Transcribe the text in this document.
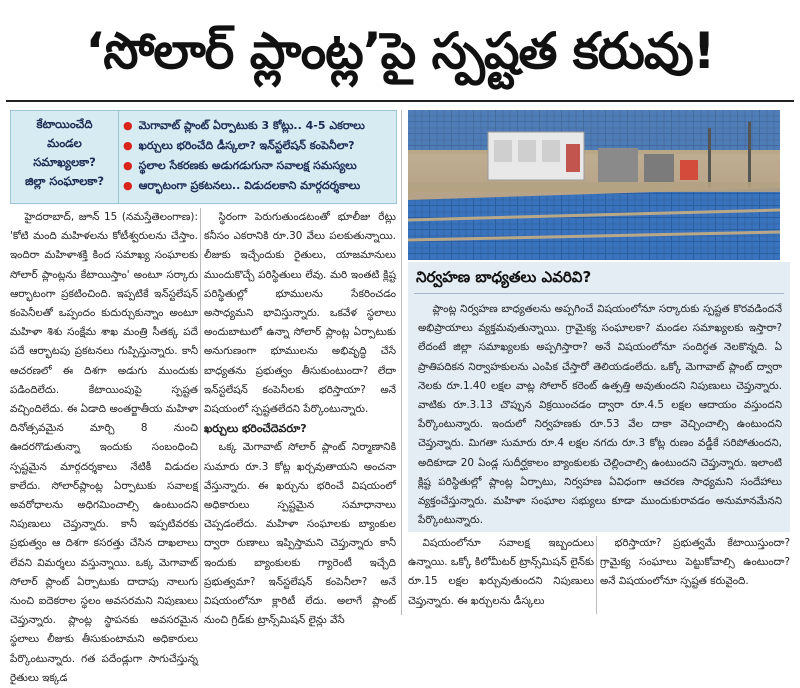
‘సోలార్ ప్లాంట్ల’పై స్పష్టత కరువు!
కేటాయించేది
మండల
సమాఖ్యలకా?
జిల్లా సంఘాలకా?
● మెగావాట్ ప్లాంట్ ఏర్పాటుకు 3 కోట్లు.. 4-5 ఎకరాలు
● ఖర్చులు భరించేది డీస్కలా? ఇన్‌స్టలేషన్ కంపెనీలా?
● స్థలాల సేకరణకు అడుగడుగునా సవాలక్ష సమస్యలు
● ఆర్భాటంగా ప్రకటనలు.. విడుదలకాని మార్గదర్శకాలు

హైదరాబాద్‌, జూన్‌ 15 (నమస్తేతెలంగాణ): 'కోటి మంది మహిళలను కోటీశ్వరులను చేస్తాం. ఇందిరా మహిళాశక్తి కింద సమాఖ్య సంఘాలకు సోలార్ ప్లాంట్లను కేటాయిస్తాం' అంటూ సర్కారు ఆర్భాటంగా ప్రకటించింది. ఇప్పటికే ఇన్‌స్టలేషన్ కంపెనీలతో ఒప్పందం కుదుర్చుకున్నాం అంటూ మహిళా శిశు సంక్షేమ శాఖ మంత్రి సీతక్క పదే పదే ఆర్భాటపు ప్రకటనలు గుప్పిస్తున్నారు. కానీ ఆచరణలో ఈ దిశగా అడుగు ముందుకు పడిందిలేదు. కేటాయింపుపై స్పష్టత వచ్చిందిలేదు. ఈ ఏడాది అంతర్జాతీయ మహిళా దినోత్సవమైన మార్చి 8 నుంచి ఊదరగొడుతున్నా ఇందుకు సంబంధించి స్పష్టమైన మార్గదర్శకాలు నేటికీ విడుదల కాలేదు. సోలార్‌ప్లాంట్ల ఏర్పాటుకు సవాలక్ష అవరోధాలను అధిగమించాల్సి ఉంటుందని నిపుణులు చెప్తున్నారు. కానీ ఇప్పటివరకు ప్రభుత్వం ఆ దిశగా కసరత్తు చేసిన దాఖలాలు లేవని విమర్శలు వస్తున్నాయి. ఒక్క మెగావాట్ సోలార్ ప్లాంట్ ఏర్పాటుకు దాదాపు నాలుగు నుంచి ఐదెకరాల స్థలం అవసరమని నిపుణులు చెప్తున్నారు. ప్లాంట్ల స్థాపనకు అవసరమైన స్థలాలు లీజుకు తీసుకుంటామని అధికారులు పేర్కొంటున్నారు. గత పదేండ్లుగా సాగుచేస్తున్న రైతులు ఇక్కడ

స్థిరంగా పెరుగుతుండటంతో భూలీజు రేట్లు కనీసం ఎకరానికి రూ.30 వేలు పలకుతున్నాయి. లీజుకు ఇచ్చేందుకు రైతులు, యాజమానులు ముందుకొచ్చే పరిస్థితులు లేవు. మరి ఇంతటి క్లిష్ట పరిస్థితుల్లో భూములను సేకరించడం అసాధ్యమని భావిస్తున్నారు. ఒకవేళ స్థలాలు అందుబాటులో ఉన్నా సోలార్ ప్లాంట్ల ఏర్పాటుకు అనుగుణంగా భూములను అభివృద్ధి చేసే బాధ్యతను ప్రభుత్వం తీసుకుంటుందా? లేదా ఇన్‌స్టలేషన్ కంపెనీలకు భరిస్తాయా? అనే విషయంలో స్పష్టతలేదని పేర్కొంటున్నారు.

ఖర్చులు భరించేదెవరూ?

ఒక్క మెగావాట్ సోలార్ ప్లాంట్ నిర్మాణానికి సుమారు రూ.3 కోట్ల ఖర్చవుతాయని అంచనా వేస్తున్నారు. ఈ ఖర్చును భరించే విషయంలో అధికారులు స్పష్టమైన సమాధానాలు చెప్పడంలేదు. మహిళా సంఘాలకు బ్యాంకుల ద్వారా రుణాలు ఇప్పిస్తామని చెప్తున్నారు కానీ ఇందుకు బ్యాంకులకు గ్యారెంటీ ఇచ్చేది ప్రభుత్వమా? ఇన్‌స్టలేషన్ కంపెనీలా? అనే విషయంలోనూ క్లారిటీ లేదు. అలాగే ప్లాంట్ నుంచి గ్రిడ్‌కు ట్రాన్స్‌మిషన్ లైన్లు వేసే

నిర్వహణ బాధ్యతలు ఎవరివి?

ప్లాంట్ల నిర్వహణ బాధ్యతలను అప్పగించే విషయంలోనూ సర్కారుకు స్పష్టత కొరవడిందనే అభిప్రాయాలు వ్యక్తమవుతున్నాయి. గ్రామైక్య సంఘాలకా? మండల సమాఖ్యలకు ఇస్తారా? లేదంటే జిల్లా సమాఖ్యలకు అప్పగిస్తారా? అనే విషయంలోనూ సందిగ్ధత నెలకొన్నది. ఏ ప్రాతిపదికన నిర్వాహకులను ఎంపిక చేస్తారో తెలియడంలేదు. ఒక్కో మెగావాట్ ప్లాంట్ ద్వారా నెలకు రూ.1.40 లక్షల వాట్ల సోలార్ కరెంట్ ఉత్పత్తి అవుతుందని నిపుణులు చెప్తున్నారు. వాటికు రూ.3.13 చొప్పున విక్రయించడం ద్వారా రూ.4.5 లక్షల ఆదాయం వస్తుందని పేర్కొంటున్నారు. ఇందులో నిర్వహణకు రూ.53 వేల దాకా వెచ్చించాల్సి ఉంటుందని చెప్తున్నారు. మిగతా సుమారు రూ.4 లక్షల నగదు రూ.3 కోట్ల రుణం వడ్డీకే సరిపోతుందని, అదికూడా 20 ఏండ్ల సుదీర్ఘకాలం బ్యాంకులకు చెల్లించాల్సి ఉంటుందని చెప్తున్నారు. ఇలాంటి క్లిష్ట పరిస్థితుల్లో ప్లాంట్ల ఏర్పాటు, నిర్వహణ ఏవిధంగా ఆచరణ సాధ్యమని సందేహాలు వ్యక్తంచేస్తున్నారు. మహిళా సంఘాల సభ్యులు కూడా ముందుకురావడం అనుమానమేనని పేర్కొంటున్నారు.

విషయంలోనూ సవాలక్ష ఇబ్బందులు ఉన్నాయి. ఒక్కో కిలోమీటర్ ట్రాన్స్‌మిషన్ లైన్‌కు రూ.15 లక్షల ఖర్చువుతుందని నిపుణులు చెప్తున్నారు. ఈ ఖర్చులను డీస్కలు

భరిస్తాయా? ప్రభుత్వమే కేటాయిస్తుందా? గ్రామైక్య సంఘాలు పెట్టుకోవాల్సి ఉంటుందా? అనే విషయంలోనూ స్పష్టత కరువైంది.
